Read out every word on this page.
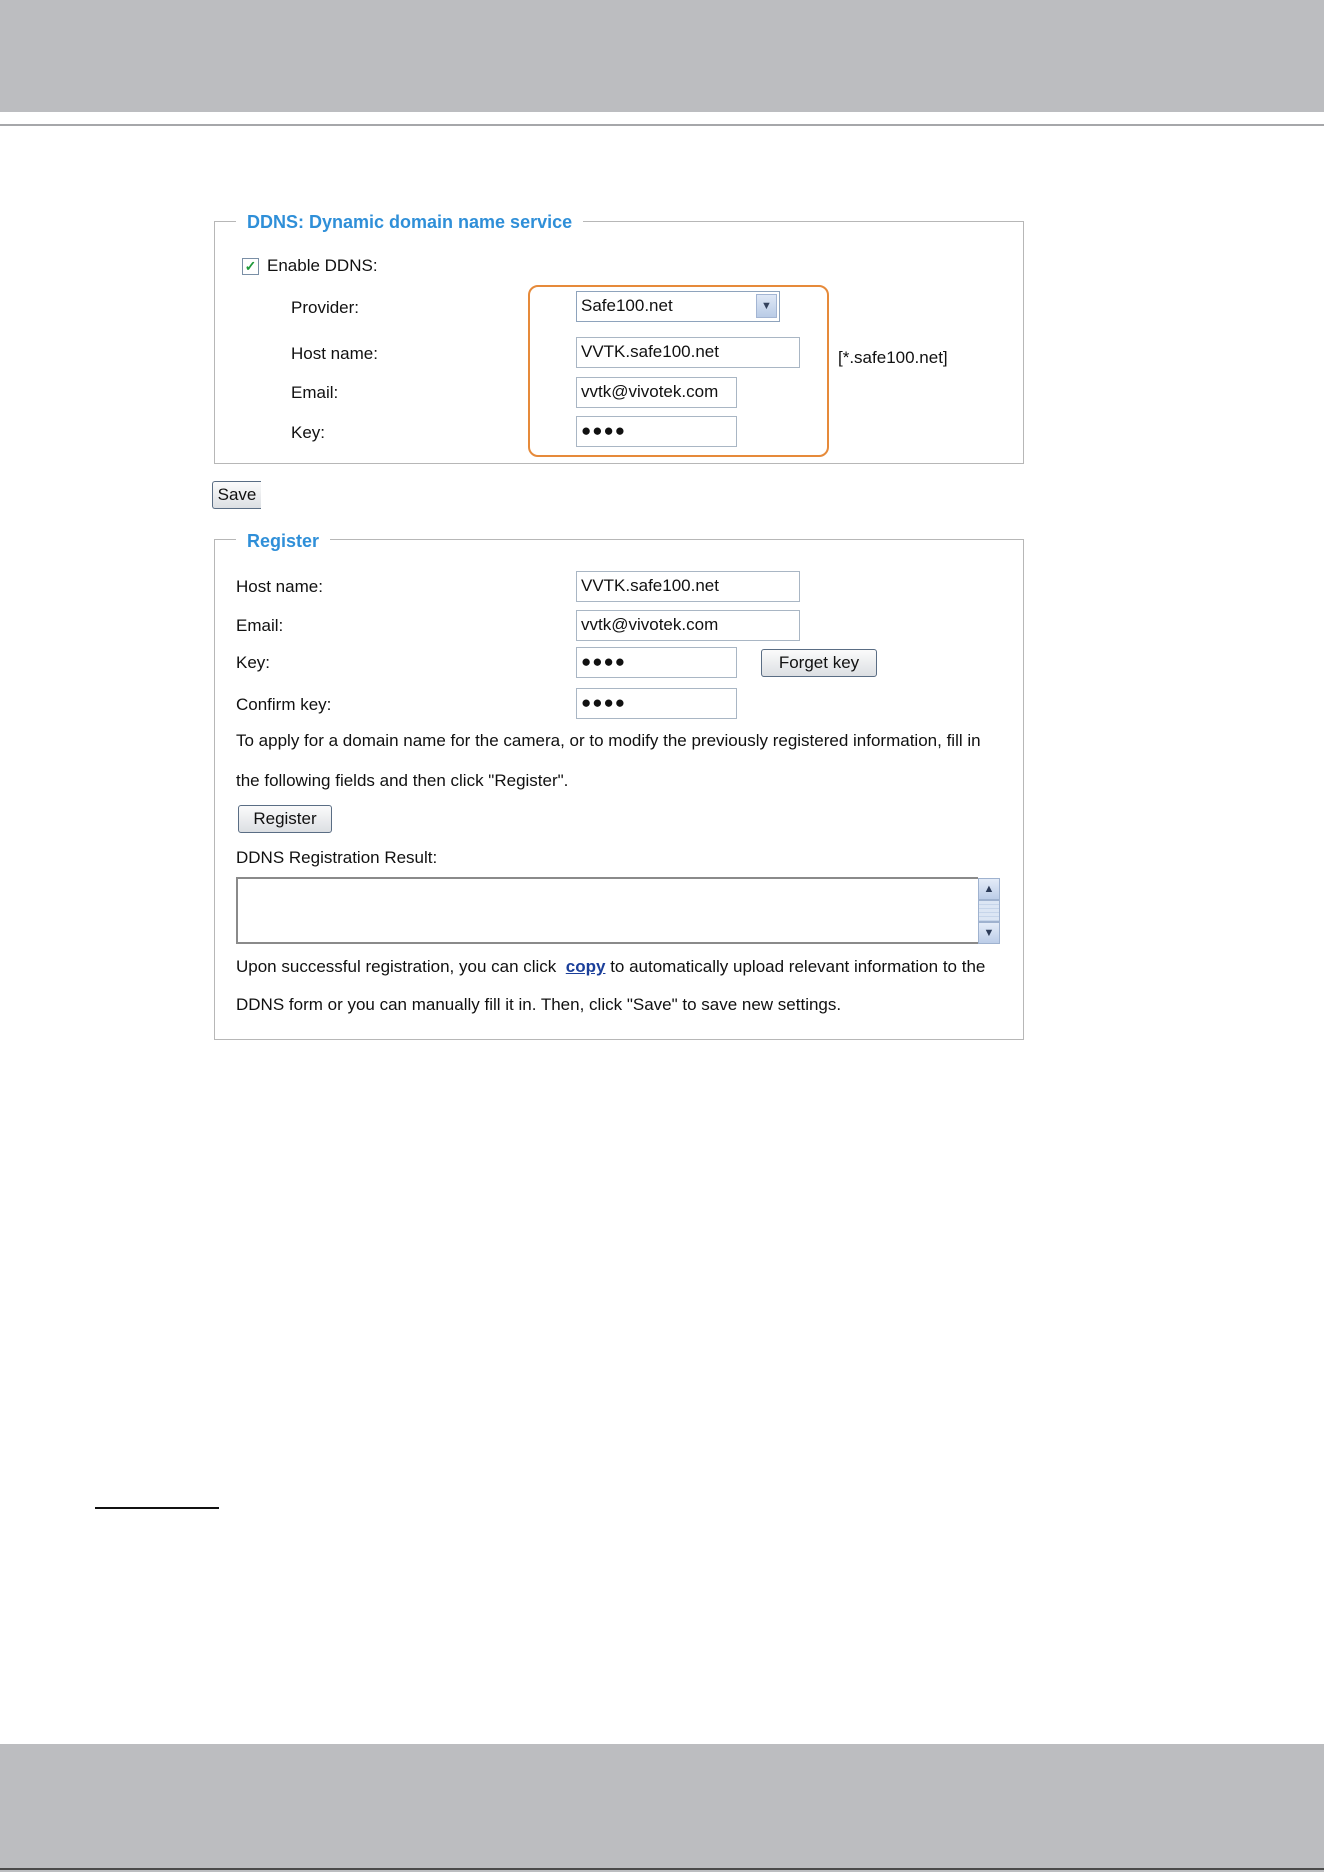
DDNS: Dynamic domain name service
✓ Enable DDNS:
Provider:	Safe100.net	▼
Host name:	VVTK.safe100.net	[*.safe100.net]
Email:	vvtk@vivotek.com
Key:	●●●●
Save
Register
Host name:	VVTK.safe100.net
Email:	vvtk@vivotek.com
Key:	●●●●	Forget key
Confirm key:	●●●●
To apply for a domain name for the camera, or to modify the previously registered information, fill in
the following fields and then click "Register".
Register
DDNS Registration Result:
▲
▼
Upon successful registration, you can click copy to automatically upload relevant information to the
DDNS form or you can manually fill it in. Then, click "Save" to save new settings.
